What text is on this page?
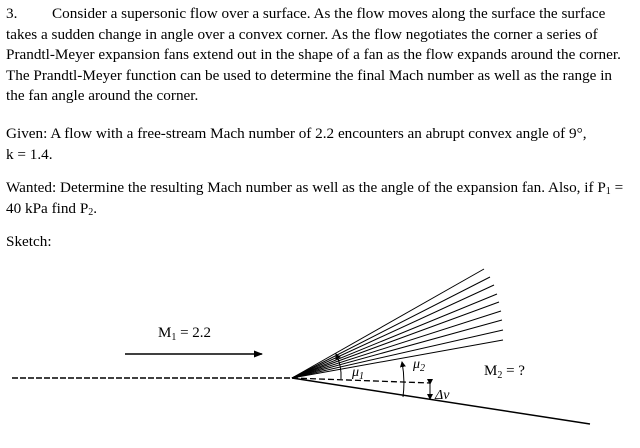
3. Consider a supersonic flow over a surface. As the flow moves along the surface the surface takes a sudden change in angle over a convex corner. As the flow negotiates the corner a series of Prandtl-Meyer expansion fans extend out in the shape of a fan as the flow expands around the corner. The Prandtl-Meyer function can be used to determine the final Mach number as well as the range in the fan angle around the corner.

Given: A flow with a free-stream Mach number of 2.2 encounters an abrupt convex angle of 9°,
k = 1.4.

Wanted: Determine the resulting Mach number as well as the angle of the expansion fan. Also, if $P_1 = 40$ kPa find $P_2$.

Sketch:

$M_1 = 2.2$
$M_2$ = ?
$\mu_1$
$\mu_2$
Δν
